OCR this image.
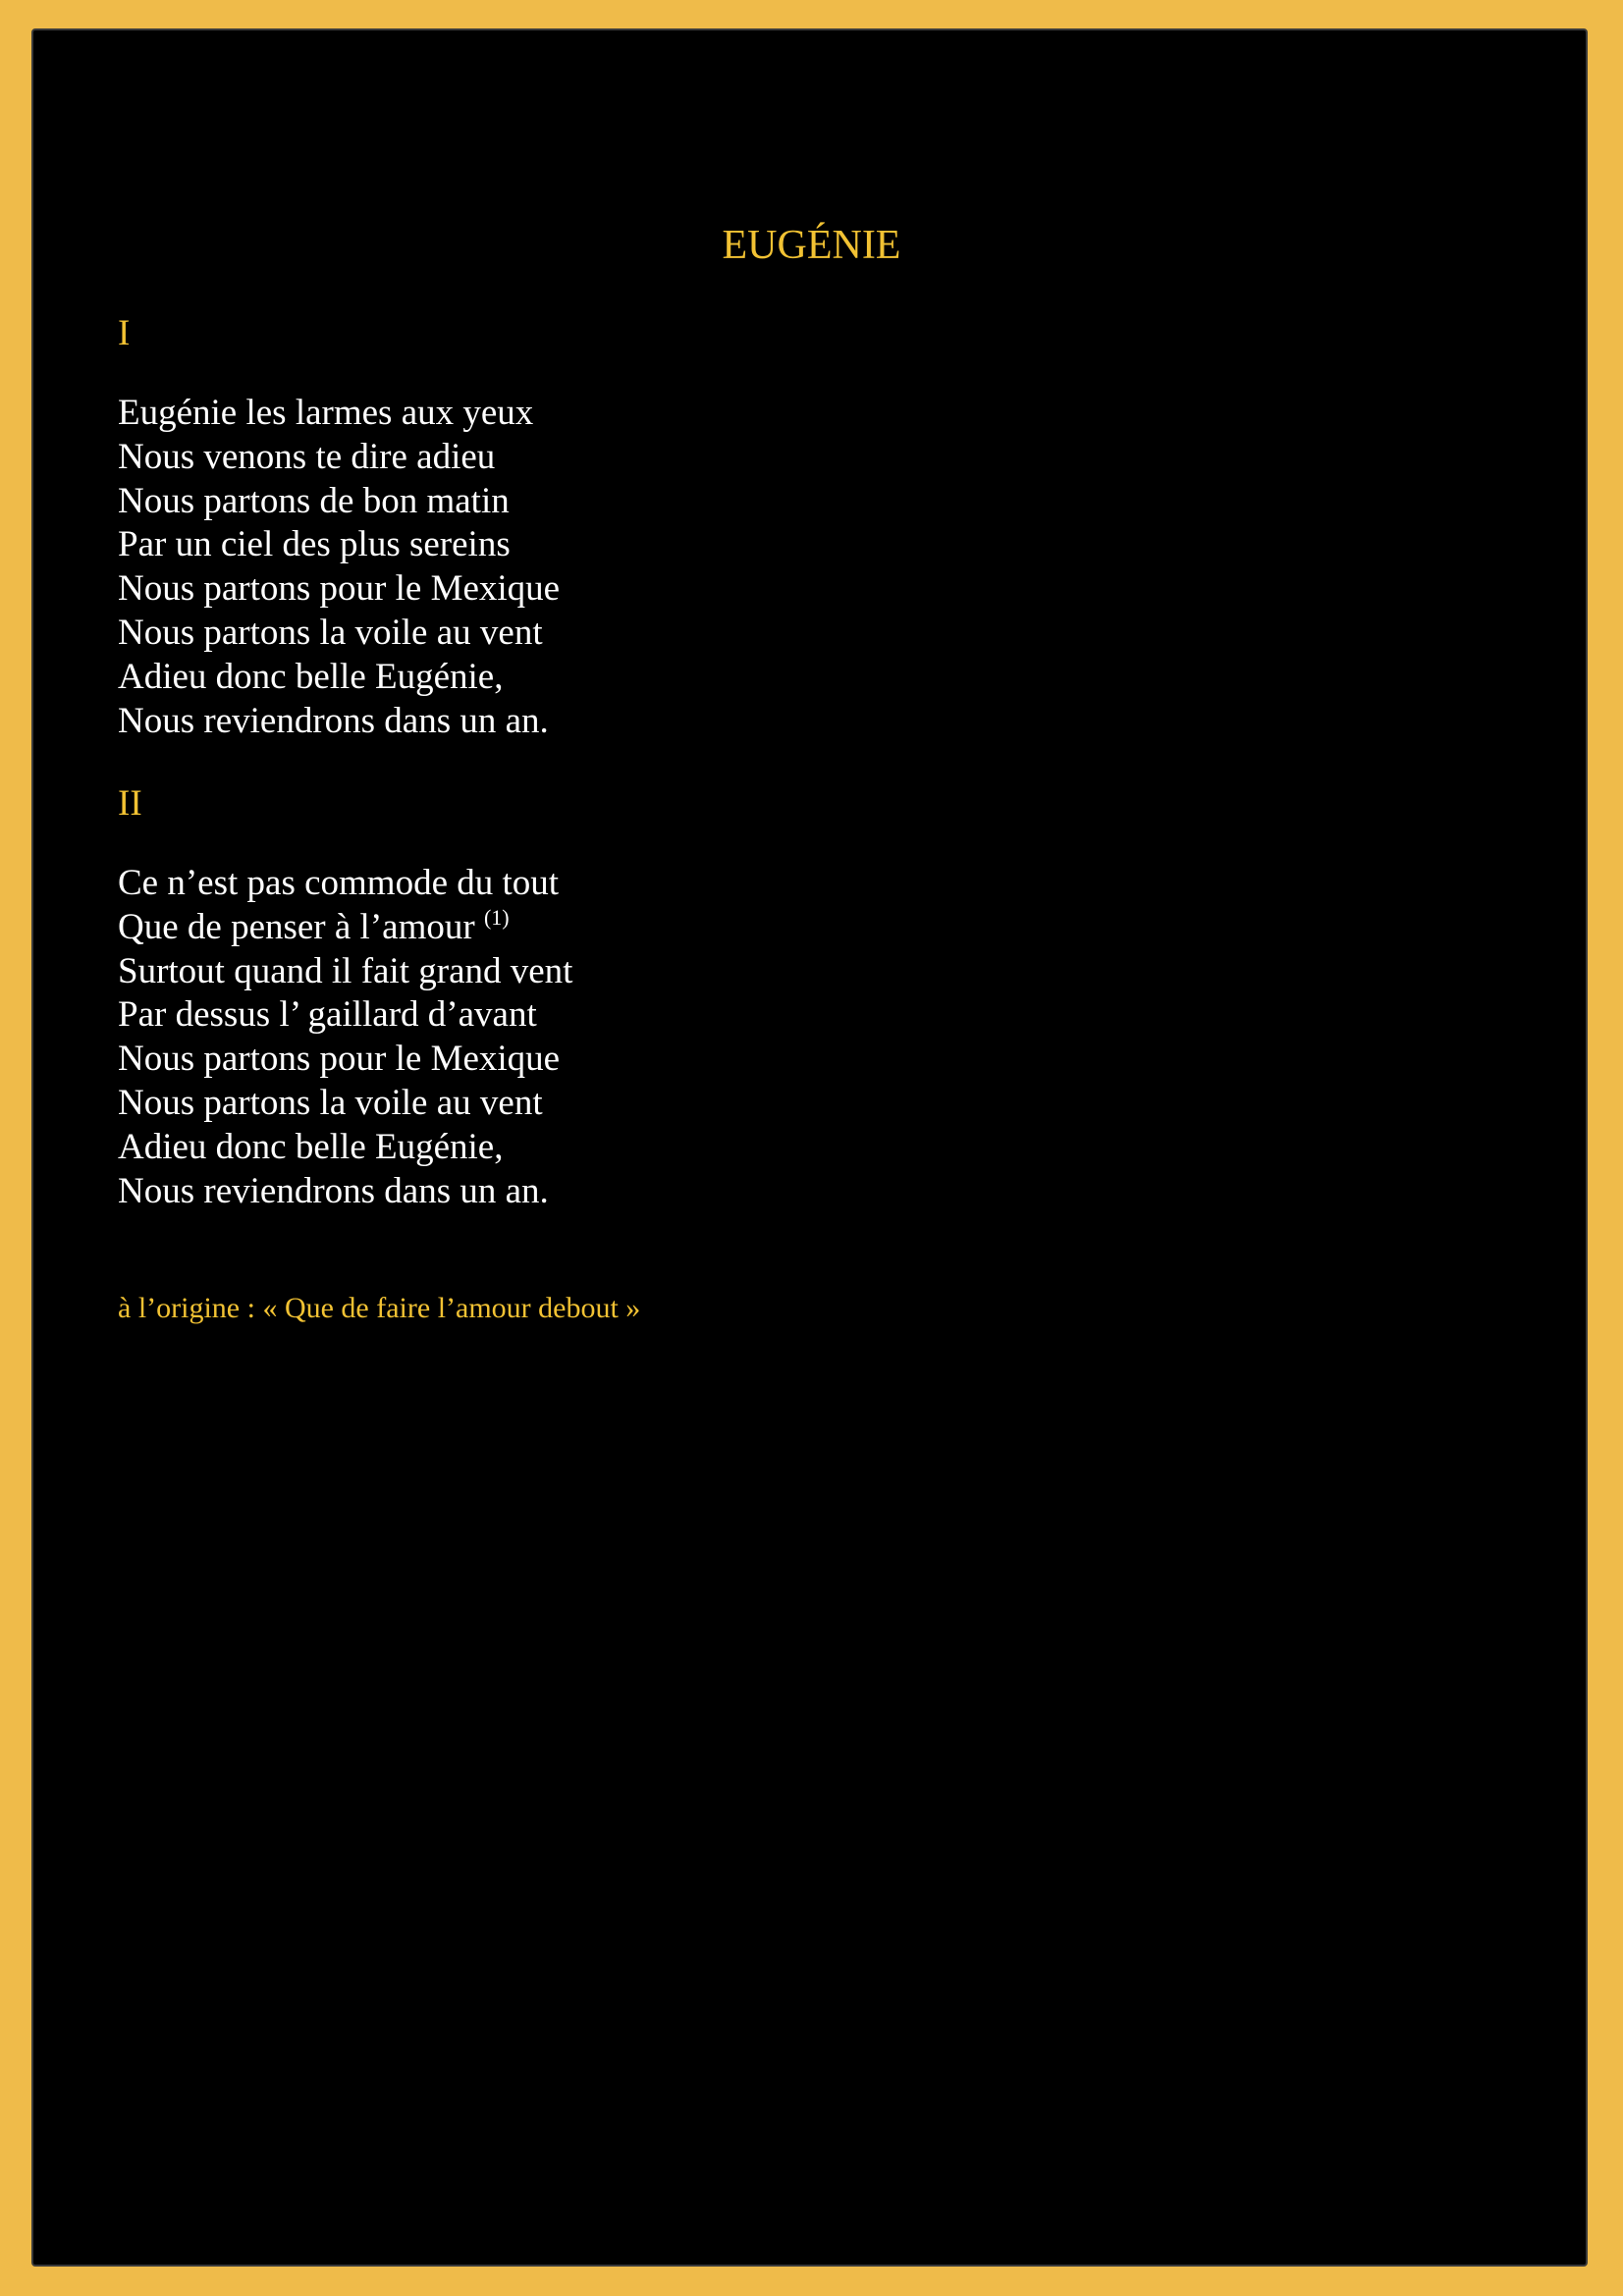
EUGÉNIE

I

Eugénie les larmes aux yeux
Nous venons te dire adieu
Nous partons de bon matin
Par un ciel des plus sereins
Nous partons pour le Mexique
Nous partons la voile au vent
Adieu donc belle Eugénie,
Nous reviendrons dans un an.

II

Ce n’est pas commode du tout
Que de penser à l’amour $^{(1)}$
Surtout quand il fait grand vent
Par dessus l’ gaillard d’avant
Nous partons pour le Mexique
Nous partons la voile au vent
Adieu donc belle Eugénie,
Nous reviendrons dans un an.

à l’origine : « Que de faire l’amour debout »
